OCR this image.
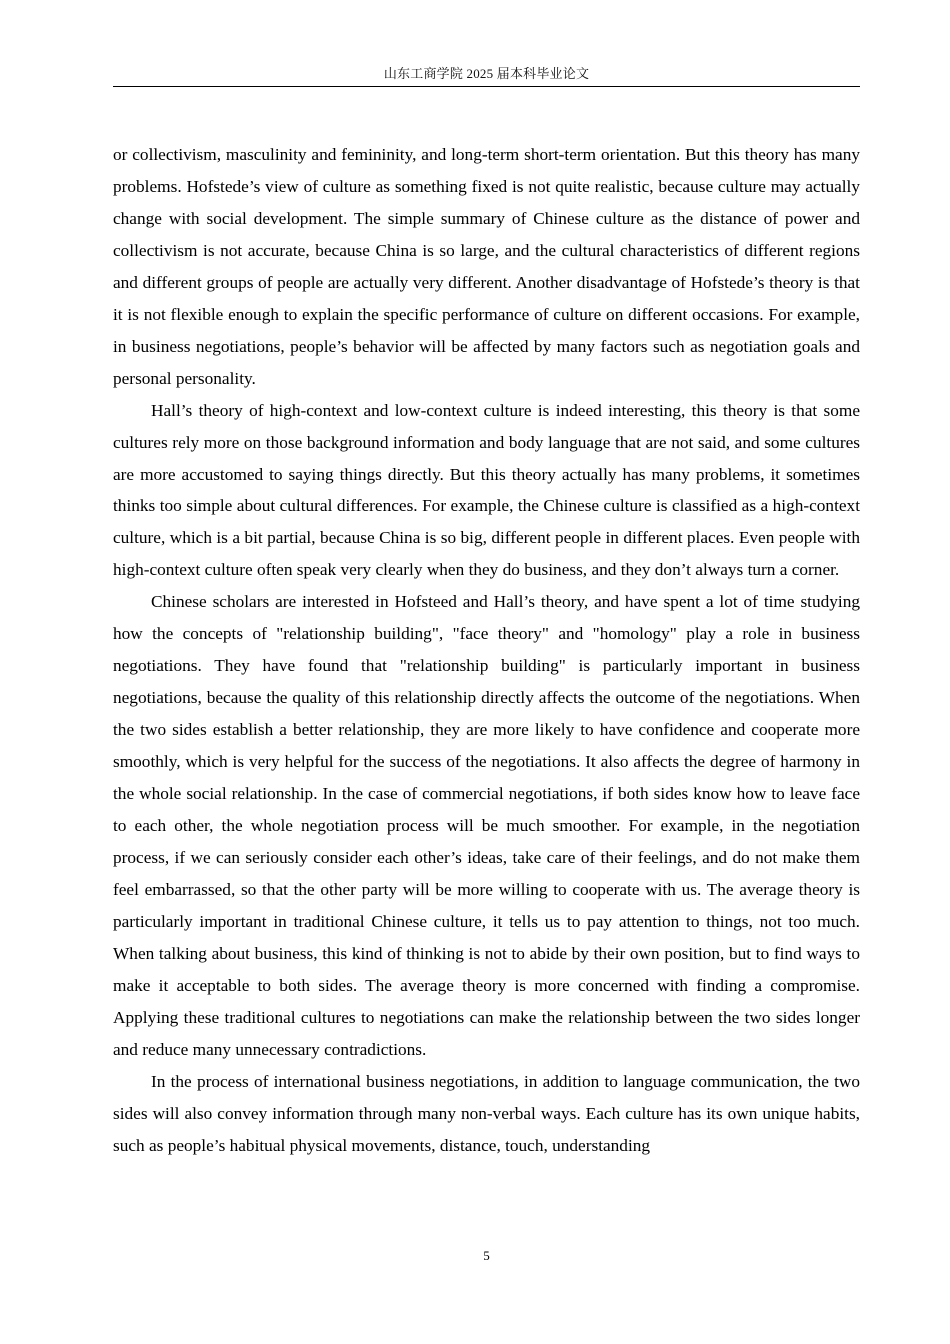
山东工商学院 2025 届本科毕业论文

or collectivism, masculinity and femininity, and long-term short-term orientation. But this theory has many problems. Hofstede’s view of culture as something fixed is not quite realistic, because culture may actually change with social development. The simple summary of Chinese culture as the distance of power and collectivism is not accurate, because China is so large, and the cultural characteristics of different regions and different groups of people are actually very different. Another disadvantage of Hofstede’s theory is that it is not flexible enough to explain the specific performance of culture on different occasions. For example, in business negotiations, people’s behavior will be affected by many factors such as negotiation goals and personal personality.

Hall’s theory of high-context and low-context culture is indeed interesting, this theory is that some cultures rely more on those background information and body language that are not said, and some cultures are more accustomed to saying things directly. But this theory actually has many problems, it sometimes thinks too simple about cultural differences. For example, the Chinese culture is classified as a high-context culture, which is a bit partial, because China is so big, different people in different places. Even people with high-context culture often speak very clearly when they do business, and they don’t always turn a corner.

Chinese scholars are interested in Hofsteed and Hall’s theory, and have spent a lot of time studying how the concepts of "relationship building", "face theory" and "homology" play a role in business negotiations. They have found that "relationship building" is particularly important in business negotiations, because the quality of this relationship directly affects the outcome of the negotiations. When the two sides establish a better relationship, they are more likely to have confidence and cooperate more smoothly, which is very helpful for the success of the negotiations. It also affects the degree of harmony in the whole social relationship. In the case of commercial negotiations, if both sides know how to leave face to each other, the whole negotiation process will be much smoother. For example, in the negotiation process, if we can seriously consider each other’s ideas, take care of their feelings, and do not make them feel embarrassed, so that the other party will be more willing to cooperate with us. The average theory is particularly important in traditional Chinese culture, it tells us to pay attention to things, not too much. When talking about business, this kind of thinking is not to abide by their own position, but to find ways to make it acceptable to both sides. The average theory is more concerned with finding a compromise. Applying these traditional cultures to negotiations can make the relationship between the two sides longer and reduce many unnecessary contradictions.

In the process of international business negotiations, in addition to language communication, the two sides will also convey information through many non-verbal ways. Each culture has its own unique habits, such as people’s habitual physical movements, distance, touch, understanding

5
